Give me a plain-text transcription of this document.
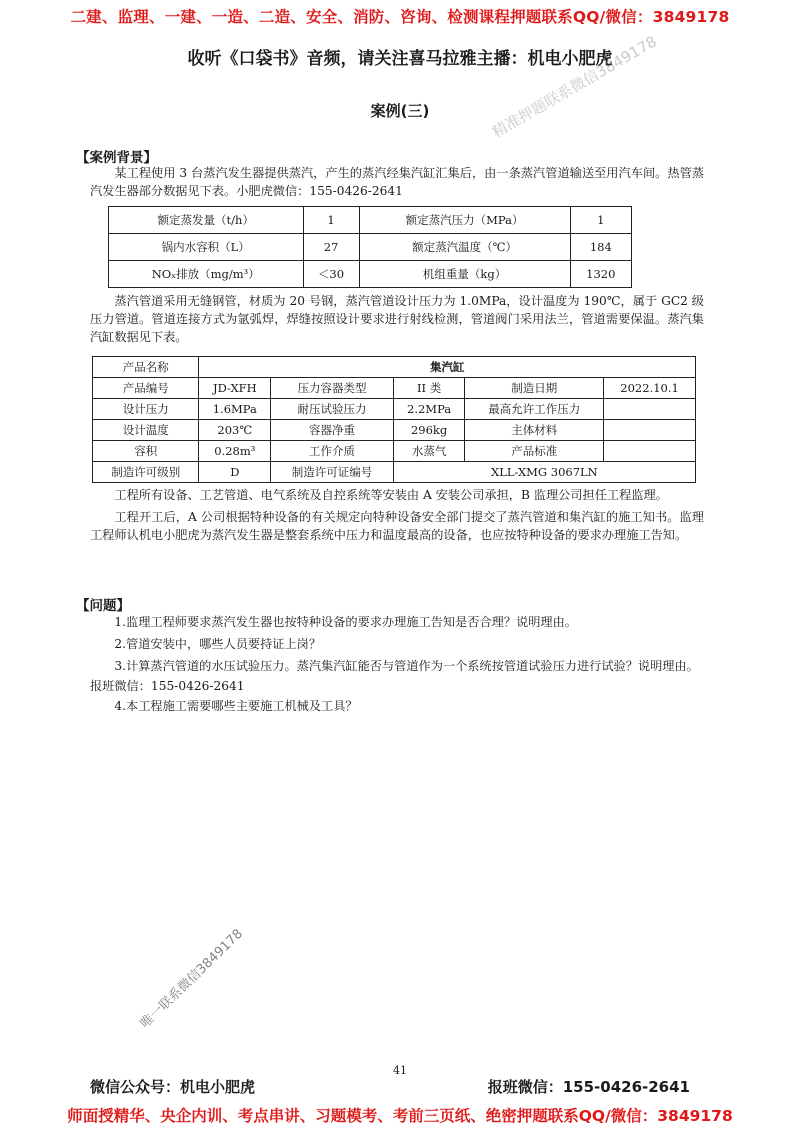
二建、监理、一建、一造、二造、安全、消防、咨询、检测课程押题联系QQ/微信：3849178
收听《口袋书》音频，请关注喜马拉雅主播：机电小肥虎
精准押题联系微信3849178
案例(三)
【案例背景】
某工程使用 3 台蒸汽发生器提供蒸汽，产生的蒸汽经集汽缸汇集后，由一条蒸汽管道输送至用汽车间。热管蒸汽发生器部分数据见下表。小肥虎微信：155-0426-2641
额定蒸发量（t/h）	1	额定蒸汽压力（MPa）	1
锅内水容积（L）	27	额定蒸汽温度（℃）	184
NOₓ排放（mg/m³）	＜30	机组重量（kg）	1320
蒸汽管道采用无缝钢管，材质为 20 号钢，蒸汽管道设计压力为 1.0MPa，设计温度为 190℃，属于 GC2 级压力管道。管道连接方式为氩弧焊，焊缝按照设计要求进行射线检测，管道阀门采用法兰，管道需要保温。蒸汽集汽缸数据见下表。
产品名称	集汽缸				
产品编号	JD-XFH	压力容器类型	II 类	制造日期	2022.10.1
设计压力	1.6MPa	耐压试验压力	2.2MPa	最高允许工作压力	
设计温度	203℃	容器净重	296kg	主体材料	
容积	0.28m³	工作介质	水蒸气	产品标准	
制造许可级别	D	制造许可证编号	XLL-XMG 3067LN		
工程所有设备、工艺管道、电气系统及自控系统等安装由 A 安装公司承担，B 监理公司担任工程监理。
工程开工后，A 公司根据特种设备的有关规定向特种设备安全部门提交了蒸汽管道和集汽缸的施工知书。监理工程师认机电小肥虎为蒸汽发生器是整套系统中压力和温度最高的设备，也应按特种设备的要求办理施工告知。
【问题】
1.监理工程师要求蒸汽发生器也按特种设备的要求办理施工告知是否合理？说明理由。
2.管道安装中，哪些人员要持证上岗？
3.计算蒸汽管道的水压试验压力。蒸汽集汽缸能否与管道作为一个系统按管道试验压力进行试验？说明理由。报班微信：155-0426-2641
4.本工程施工需要哪些主要施工机械及工具？
唯一联系微信3849178
41
微信公众号：机电小肥虎	报班微信：155-0426-2641
师面授精华、央企内训、考点串讲、习题模考、考前三页纸、绝密押题联系QQ/微信：3849178
